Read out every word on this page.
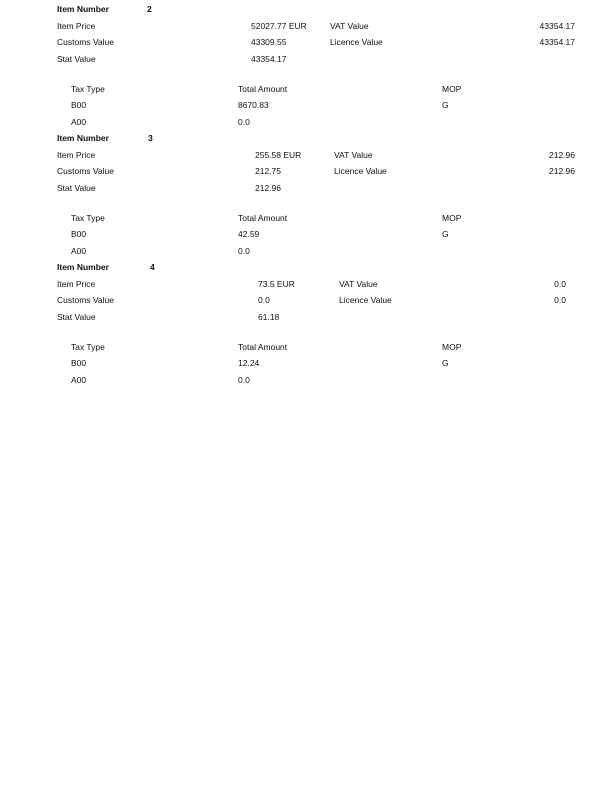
Item Number	2
Item Price	52027.77 EUR	VAT Value	43354.17
Customs Value	43309.55	Licence Value	43354.17
Stat Value	43354.17
Tax Type	Total Amount	MOP
B00	8670.83	G
A00	0.0
Item Number	3
Item Price	255.58 EUR	VAT Value	212.96
Customs Value	212.75	Licence Value	212.96
Stat Value	212.96
Tax Type	Total Amount	MOP
B00	42.59	G
A00	0.0
Item Number	4
Item Price	73.5 EUR	VAT Value	0.0
Customs Value	0.0	Licence Value	0.0
Stat Value	61.18
Tax Type	Total Amount	MOP
B00	12.24	G
A00	0.0
